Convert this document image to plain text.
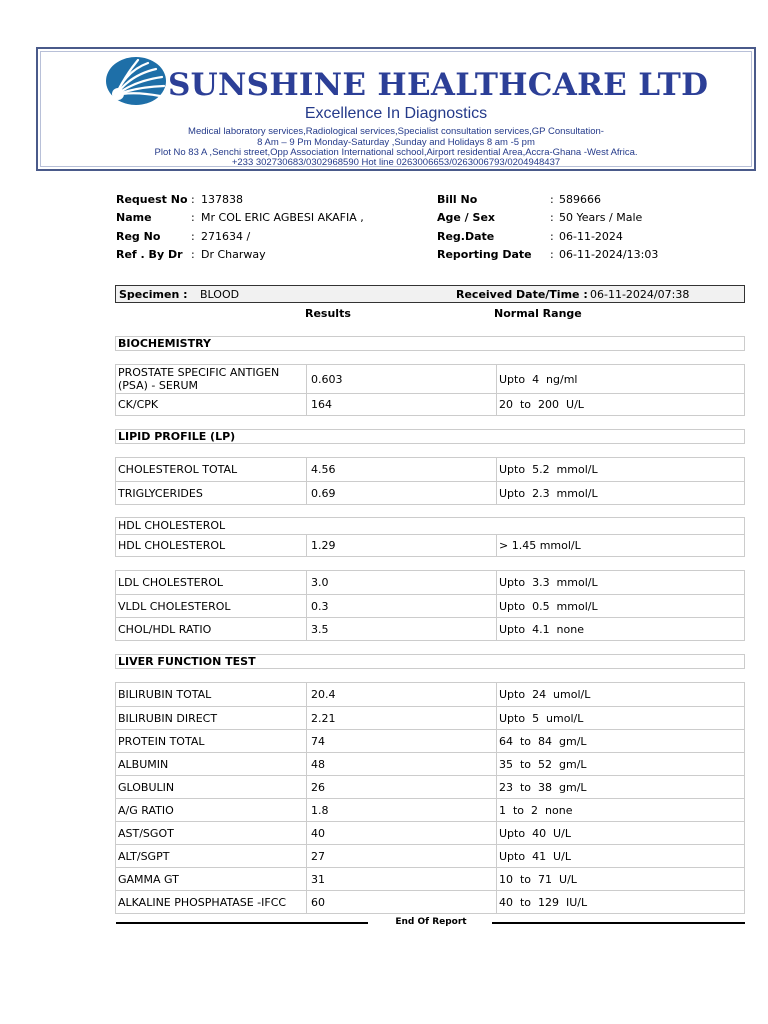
SUNSHINE HEALTHCARE LTD
Excellence In Diagnostics
Medical laboratory services,Radiological services,Specialist consultation services,GP Consultation-
8 Am – 9 Pm Monday-Saturday ,Sunday and Holidays 8 am -5 pm
Plot No 83 A ,Senchi street,Opp Association International school,Airport residential Area,Accra-Ghana -West Africa.
+233 302730683/0302968590 Hot line 0263006653/0263006793/0204948437
Request No : 137838
Name	: Mr COL ERIC AGBESI AKAFIA ,
Reg No	: 271634 /
Ref . By Dr : Dr Charway
Bill No	: 589666
Age / Sex	: 50 Years / Male
Reg.Date	: 06-11-2024
Reporting Date : 06-11-2024/13:03
Specimen : BLOOD	Received Date/Time : 06-11-2024/07:38
Results	Normal Range
BIOCHEMISTRY
PROSTATE SPECIFIC ANTIGEN (PSA) - SERUM	0.603	Upto  4  ng/ml
CK/CPK	164	20  to  200  U/L
LIPID PROFILE (LP)
CHOLESTEROL TOTAL	4.56	Upto  5.2  mmol/L
TRIGLYCERIDES	0.69	Upto  2.3  mmol/L
HDL CHOLESTEROL
HDL CHOLESTEROL	1.29	> 1.45 mmol/L
LDL CHOLESTEROL	3.0	Upto  3.3  mmol/L
VLDL CHOLESTEROL	0.3	Upto  0.5  mmol/L
CHOL/HDL RATIO	3.5	Upto  4.1  none
LIVER FUNCTION TEST
BILIRUBIN TOTAL	20.4	Upto  24  umol/L
BILIRUBIN DIRECT	2.21	Upto  5  umol/L
PROTEIN TOTAL	74	64  to  84  gm/L
ALBUMIN	48	35  to  52  gm/L
GLOBULIN	26	23  to  38  gm/L
A/G RATIO	1.8	1  to  2  none
AST/SGOT	40	Upto  40  U/L
ALT/SGPT	27	Upto  41  U/L
GAMMA GT	31	10  to  71  U/L
ALKALINE PHOSPHATASE -IFCC	60	40  to  129  IU/L
End Of Report
